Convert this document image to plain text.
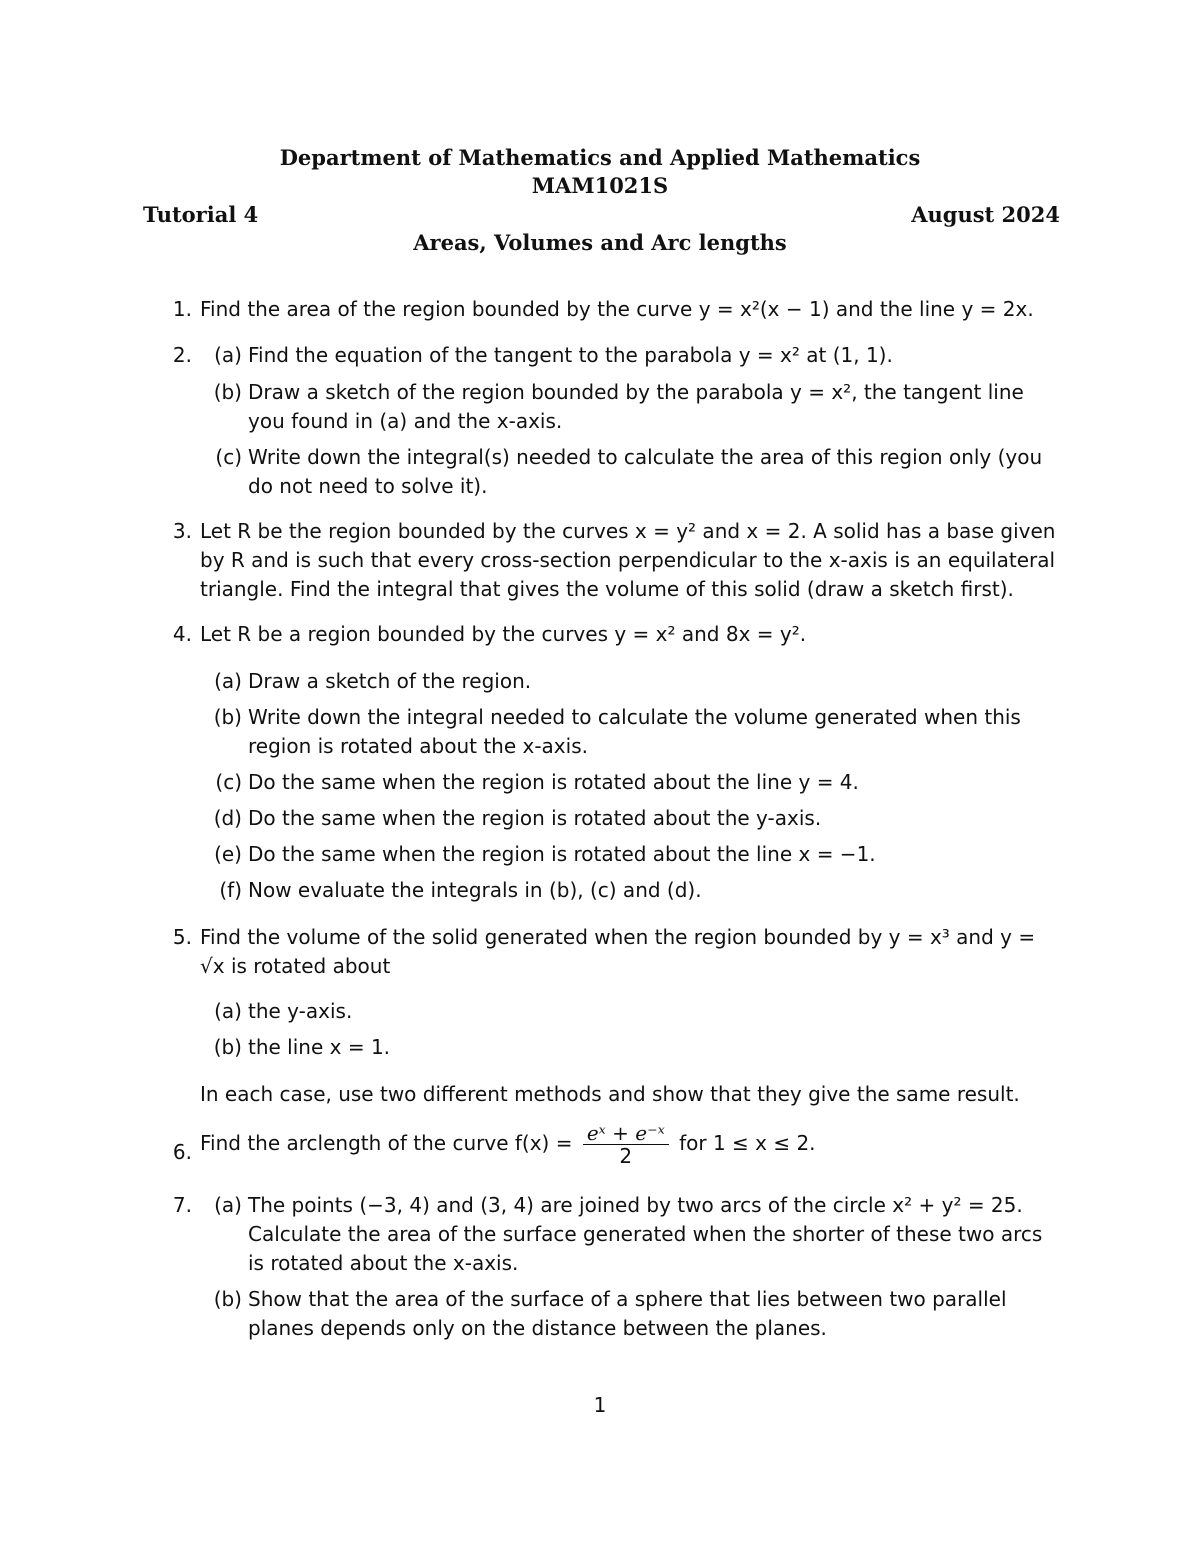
Department of Mathematics and Applied Mathematics
MAM1021S
Tutorial 4	August 2024
Areas, Volumes and Arc lengths
1. Find the area of the region bounded by the curve y = x²(x − 1) and the line y = 2x.
2.	(a) Find the equation of the tangent to the parabola y = x² at (1, 1).
(b) Draw a sketch of the region bounded by the parabola y = x², the tangent line you found in (a) and the x-axis.
(c) Write down the integral(s) needed to calculate the area of this region only (you do not need to solve it).
3. Let R be the region bounded by the curves x = y² and x = 2. A solid has a base given by R and is such that every cross-section perpendicular to the x-axis is an equilateral triangle. Find the integral that gives the volume of this solid (draw a sketch first).
4. Let R be a region bounded by the curves y = x² and 8x = y².
(a) Draw a sketch of the region.
(b) Write down the integral needed to calculate the volume generated when this region is rotated about the x-axis.
(c) Do the same when the region is rotated about the line y = 4.
(d) Do the same when the region is rotated about the y-axis.
(e) Do the same when the region is rotated about the line x = −1.
(f) Now evaluate the integrals in (b), (c) and (d).
5. Find the volume of the solid generated when the region bounded by y = x³ and y = √x is rotated about
(a) the y-axis.
(b) the line x = 1.
In each case, use two different methods and show that they give the same result.
6. Find the arclength of the curve $f(x) = \frac{\text{eˣ + e⁻ˣ}}{2}$ for 1 ≤ x ≤ 2.
7.	(a) The points (−3, 4) and (3, 4) are joined by two arcs of the circle x² + y² = 25. Calculate the area of the surface generated when the shorter of these two arcs is rotated about the x-axis.
(b) Show that the area of the surface of a sphere that lies between two parallel planes depends only on the distance between the planes.
1
